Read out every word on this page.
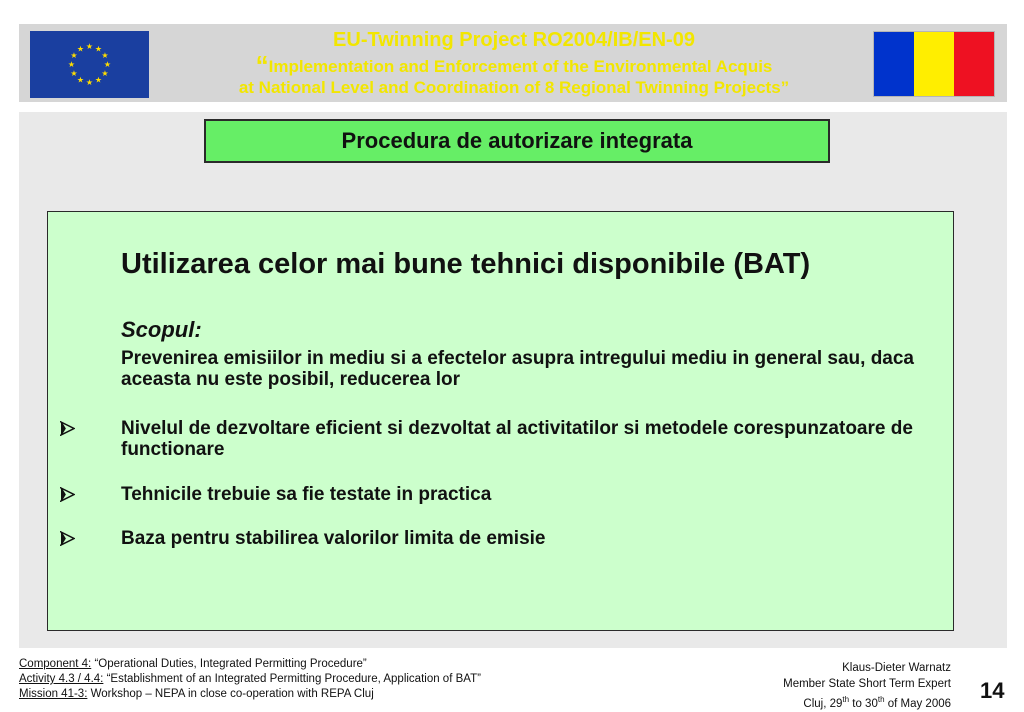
★ ★
★
★
★
★
★
★
★
★
★
★	EU-Twinning Project RO2004/IB/EN-09
“Implementation and Enforcement of the Environmental Acquis
at National Level and Coordination of 8 Regional Twinning Projects”
Procedura de autorizare integrata
Utilizarea celor mai bune tehnici disponibile (BAT)
Scopul:
Prevenirea emisiilor in mediu si a efectelor asupra intregului mediu in general sau, daca aceasta nu este posibil, reducerea lor
Nivelul de dezvoltare eficient si dezvoltat al activitatilor si metodele corespunzatoare de functionare
Tehnicile trebuie sa fie testate in practica
Baza pentru stabilirea valorilor limita de emisie
Component 4: “Operational Duties, Integrated Permitting Procedure”
Activity 4.3 / 4.4: “Establishment of an Integrated Permitting Procedure, Application of BAT”
Mission 41-3: Workshop – NEPA in close co-operation with REPA Cluj
Klaus-Dieter Warnatz
Member State Short Term Expert
Cluj, 29th to 30th of May 2006
14
